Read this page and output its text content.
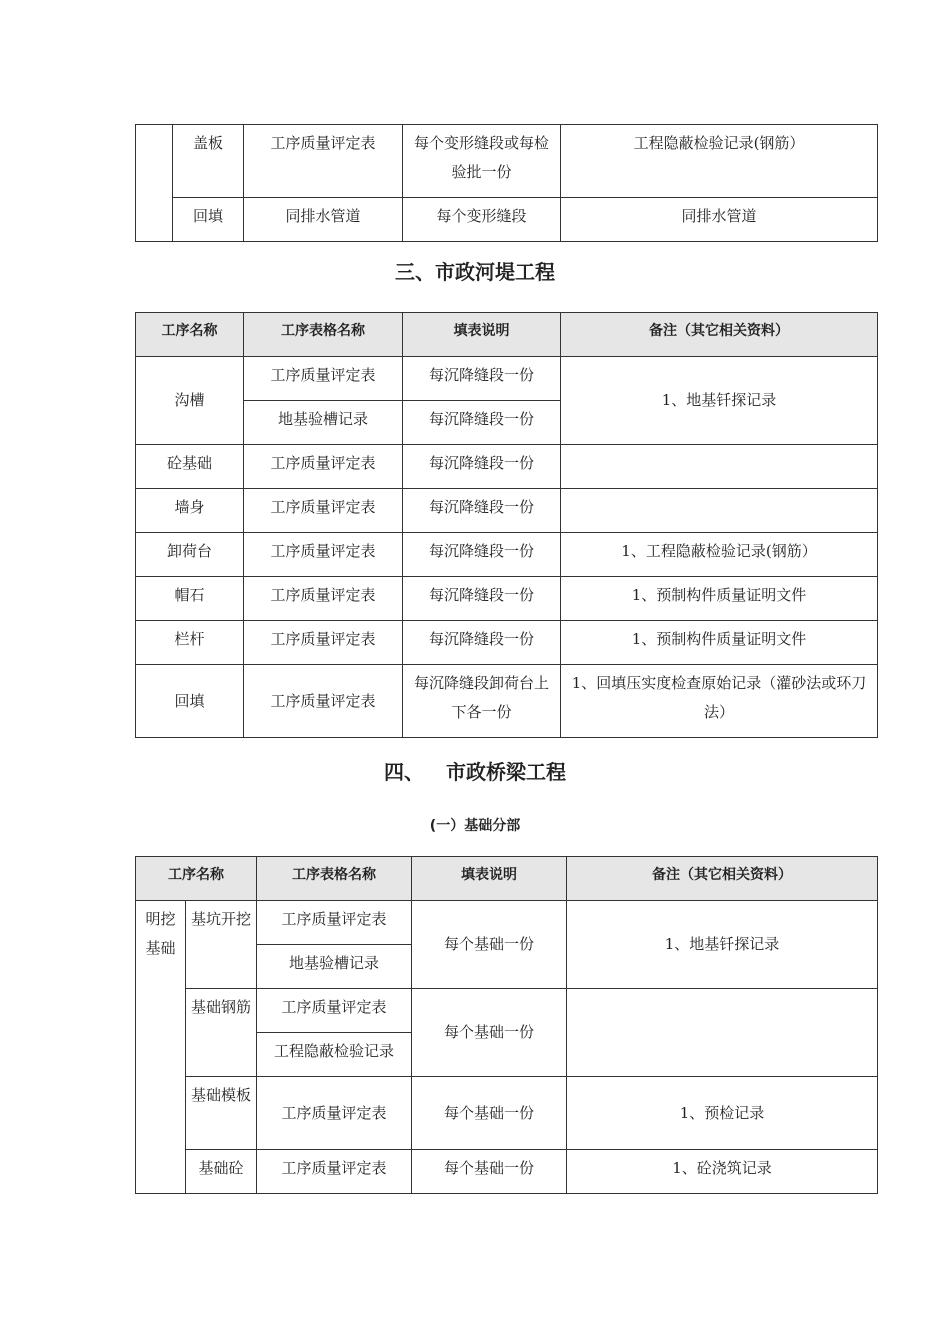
	盖板	工序质量评定表	每个变形缝段或每检验批一份	工程隐蔽检验记录(钢筋）
	回填	同排水管道	每个变形缝段	同排水管道
三、市政河堤工程
工序名称	工序表格名称	填表说明	备注（其它相关资料）
沟槽	工序质量评定表	每沉降缝段一份	1、地基钎探记录
	地基验槽记录	每沉降缝段一份	
砼基础	工序质量评定表	每沉降缝段一份	
墙身	工序质量评定表	每沉降缝段一份	
卸荷台	工序质量评定表	每沉降缝段一份	1、工程隐蔽检验记录(钢筋）
帽石	工序质量评定表	每沉降缝段一份	1、预制构件质量证明文件
栏杆	工序质量评定表	每沉降缝段一份	1、预制构件质量证明文件
回填	工序质量评定表	每沉降缝段卸荷台上下各一份	1、回填压实度检查原始记录（灌砂法或环刀法）
四、 市政桥梁工程
(一）基础分部
工序名称		工序表格名称	填表说明	备注（其它相关资料）
明挖基础	基坑开挖	工序质量评定表	每个基础一份	1、地基钎探记录
		地基验槽记录		
	基础钢筋	工序质量评定表	每个基础一份	
		工程隐蔽检验记录		
	基础模板	工序质量评定表	每个基础一份	1、预检记录
	基础砼	工序质量评定表	每个基础一份	1、砼浇筑记录
